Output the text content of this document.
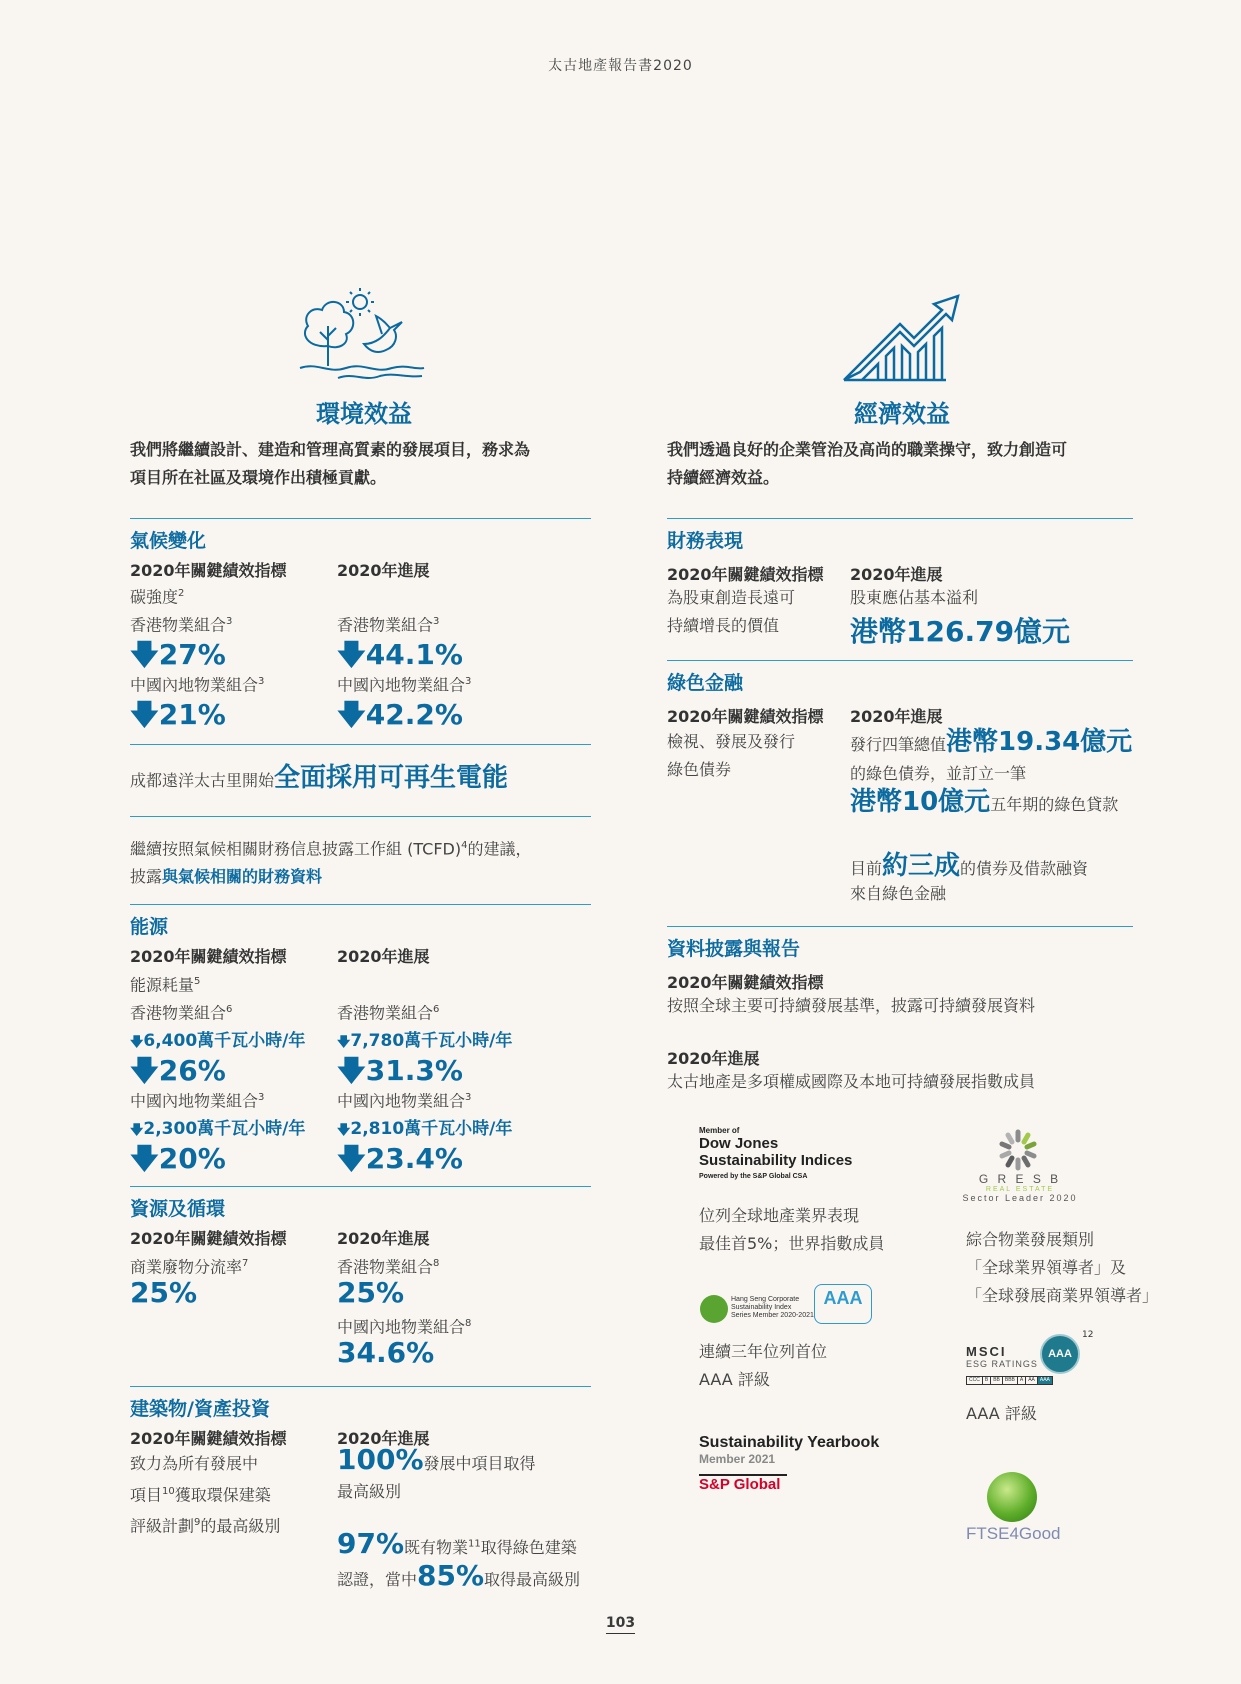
太古地產報告書2020
環境效益
我們將繼續設計、建造和管理高質素的發展項目，務求為
項目所在社區及環境作出積極貢獻。
氣候變化
2020年關鍵績效指標	2020年進展
碳強度$^2$
香港物業組合$^3$	香港物業組合$^3$
🡇27%	🡇44.1%
中國內地物業組合$^3$	中國內地物業組合$^3$
🡇21%	🡇42.2%
成都遠洋太古里開始全面採用可再生電能
繼續按照氣候相關財務信息披露工作組 (TCFD)$^4$的建議，
披露與氣候相關的財務資料
能源
2020年關鍵績效指標	2020年進展
能源耗量$^5$
香港物業組合$^6$	香港物業組合$^6$
🡇6,400萬千瓦小時/年 🡇7,780萬千瓦小時/年
🡇26%	🡇31.3%
中國內地物業組合$^3$	中國內地物業組合$^3$
🡇2,300萬千瓦小時/年 🡇2,810萬千瓦小時/年
🡇20%	🡇23.4%
資源及循環
2020年關鍵績效指標	2020年進展
商業廢物分流率$^7$	香港物業組合$^8$
25%	25%
中國內地物業組合$^8$
34.6%
建築物/資產投資
2020年關鍵績效指標	2020年進展
致力為所有發展中
項目$^{10}$獲取環保建築
評級計劃$^9$的最高級別
100%發展中項目取得
最高級別
97%既有物業$^{11}$取得綠色建築
認證，當中85%取得最高級別
經濟效益
我們透過良好的企業管治及高尚的職業操守，致力創造可
持續經濟效益。
財務表現
2020年關鍵績效指標 2020年進展
為股東創造長遠可
持續增長的價值
股東應佔基本溢利
港幣126.79億元
綠色金融
2020年關鍵績效指標 2020年進展
檢視、發展及發行
綠色債券
發行四筆總值港幣19.34億元
的綠色債券，並訂立一筆
港幣10億元五年期的綠色貸款
目前約三成的債券及借款融資
來自綠色金融
資料披露與報告
2020年關鍵績效指標
按照全球主要可持續發展基準，披露可持續發展資料
2020年進展
太古地產是多項權威國際及本地可持續發展指數成員
Member of
Dow Jones
Sustainability Indices
Powered by the S&P Global CSA
位列全球地產業界表現
最佳首5%；世界指數成員
G R E S B
REAL ESTATE
Sector Leader 2020
綜合物業發展類別
「全球業界領導者」及
「全球發展商業界領導者」
Hang Seng Corporate
Sustainability Index
Series Member 2020-2021
AAA
連續三年位列首位
AAA 評級
MSCI
ESG RATINGS
AAA
12
CCC	B	BB	BBB	A	AA	AAA
AAA 評級
Sustainability Yearbook
Member 2021
S&P Global
FTSE4Good
103
